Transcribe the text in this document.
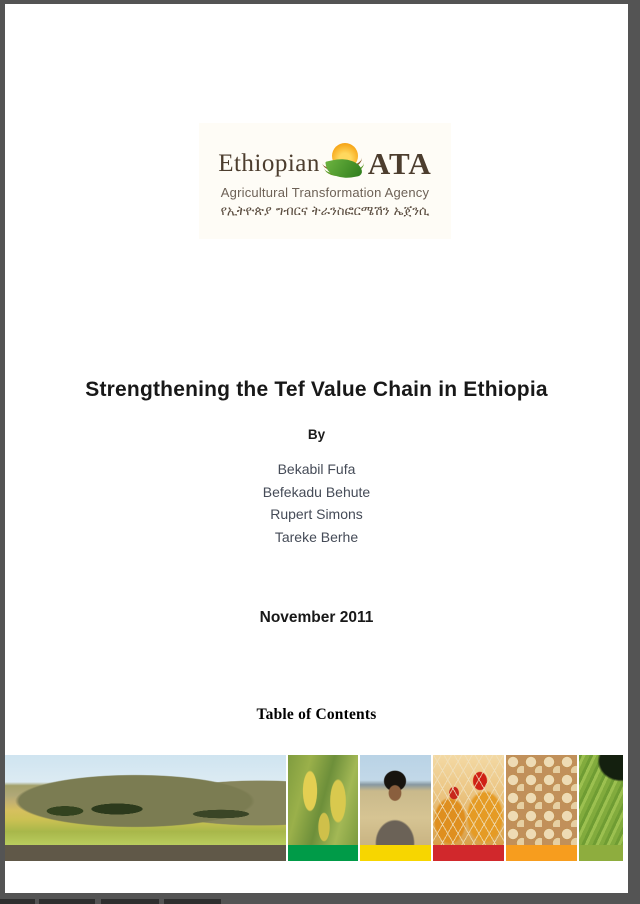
Ethiopian ATA
Agricultural Transformation Agency
የኢትዮጵያ ግብርና ትራንስፎርሜሽን ኤጀንሲ
Strengthening the Tef Value Chain in Ethiopia
By
Bekabil Fufa
Befekadu Behute
Rupert Simons
Tareke Berhe
November 2011
Table of Contents
